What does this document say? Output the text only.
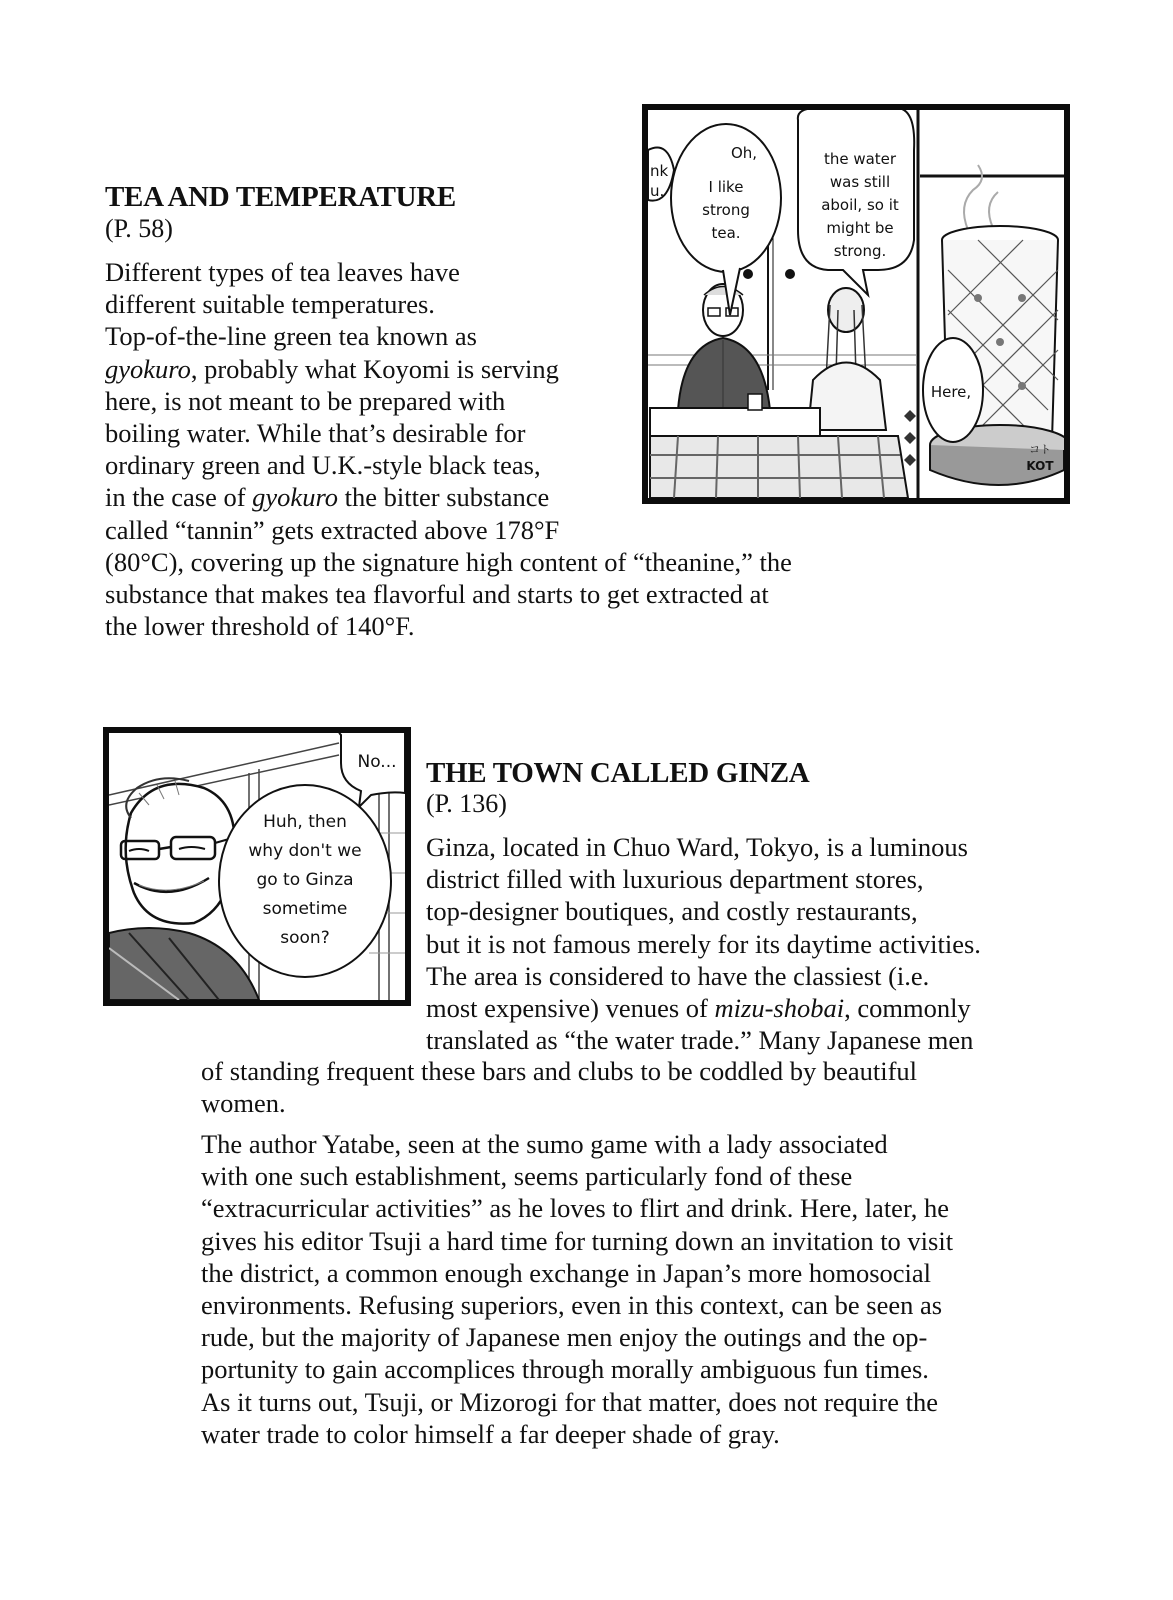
TEA AND TEMPERATURE
(P. 58)
Different types of tea leaves have
different suitable temperatures.
Top-of-the-line green tea known as
gyokuro, probably what Koyomi is serving
here, is not meant to be prepared with
boiling water. While that’s desirable for
ordinary green and U.K.-style black teas,
in the case of gyokuro the bitter substance
called “tannin” gets extracted above 178°F
(80°C), covering up the signature high content of “theanine,” the
substance that makes tea flavorful and starts to get extracted at
the lower threshold of 140°F.
nk
u.
Oh,
I like
strong
tea.
the water
was still
aboil, so it
might be
strong.
Here,
コト
KOT
THE TOWN CALLED GINZA
(P. 136)
Ginza, located in Chuo Ward, Tokyo, is a luminous
district filled with luxurious department stores,
top-designer boutiques, and costly restaurants,
but it is not famous merely for its daytime activities.
The area is considered to have the classiest (i.e.
most expensive) venues of mizu-shobai, commonly
translated as “the water trade.” Many Japanese men
of standing frequent these bars and clubs to be coddled by beautiful
women.
The author Yatabe, seen at the sumo game with a lady associated
with one such establishment, seems particularly fond of these
“extracurricular activities” as he loves to flirt and drink. Here, later, he
gives his editor Tsuji a hard time for turning down an invitation to visit
the district, a common enough exchange in Japan’s more homosocial
environments. Refusing superiors, even in this context, can be seen as
rude, but the majority of Japanese men enjoy the outings and the op-
portunity to gain accomplices through morally ambiguous fun times.
As it turns out, Tsuji, or Mizorogi for that matter, does not require the
water trade to color himself a far deeper shade of gray.
No...
Huh, then
why don't we
go to Ginza
sometime
soon?
